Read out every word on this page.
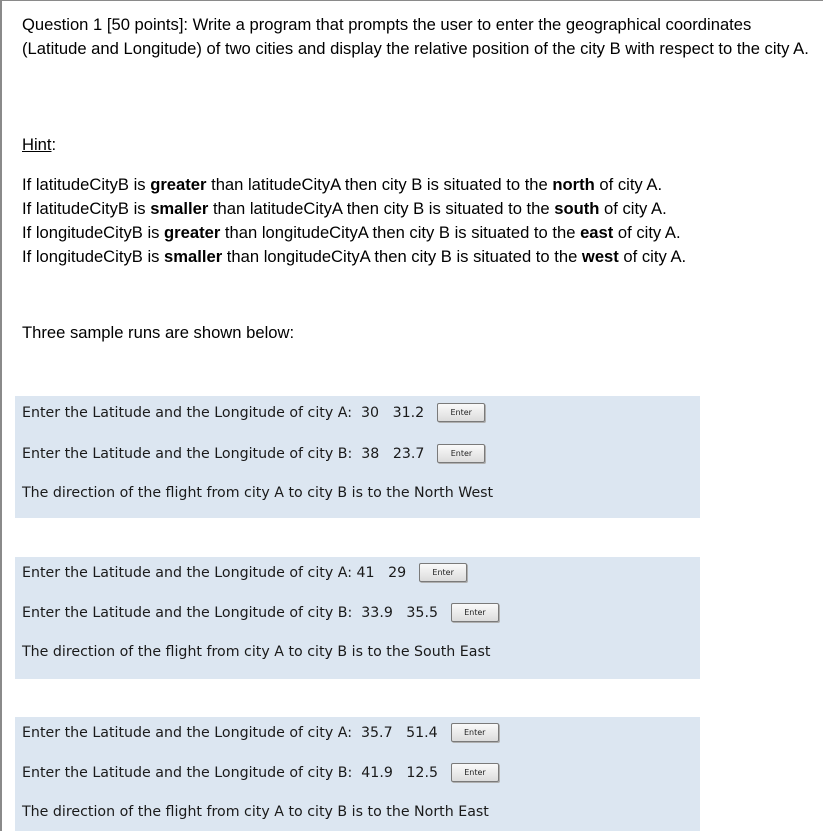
Question 1 [50 points]: Write a program that prompts the user to enter the geographical coordinates (Latitude and Longitude) of two cities and display the relative position of the city B with respect to the city A.
Hint:
If latitudeCityB is greater than latitudeCityA then city B is situated to the north of city A.
If latitudeCityB is smaller than latitudeCityA then city B is situated to the south of city A.
If longitudeCityB is greater than longitudeCityA then city B is situated to the east of city A.
If longitudeCityB is smaller than longitudeCityA then city B is situated to the west of city A.
Three sample runs are shown below:
Enter the Latitude and the Longitude of city A: 30   31.2	Enter
Enter the Latitude and the Longitude of city B: 38   23.7	Enter
The direction of the flight from city A to city B is to the North West
Enter the Latitude and the Longitude of city A: 41   29	Enter
Enter the Latitude and the Longitude of city B: 33.9   35.5	Enter
The direction of the flight from city A to city B is to the South East
Enter the Latitude and the Longitude of city A: 35.7   51.4	Enter
Enter the Latitude and the Longitude of city B: 41.9   12.5	Enter
The direction of the flight from city A to city B is to the North East
